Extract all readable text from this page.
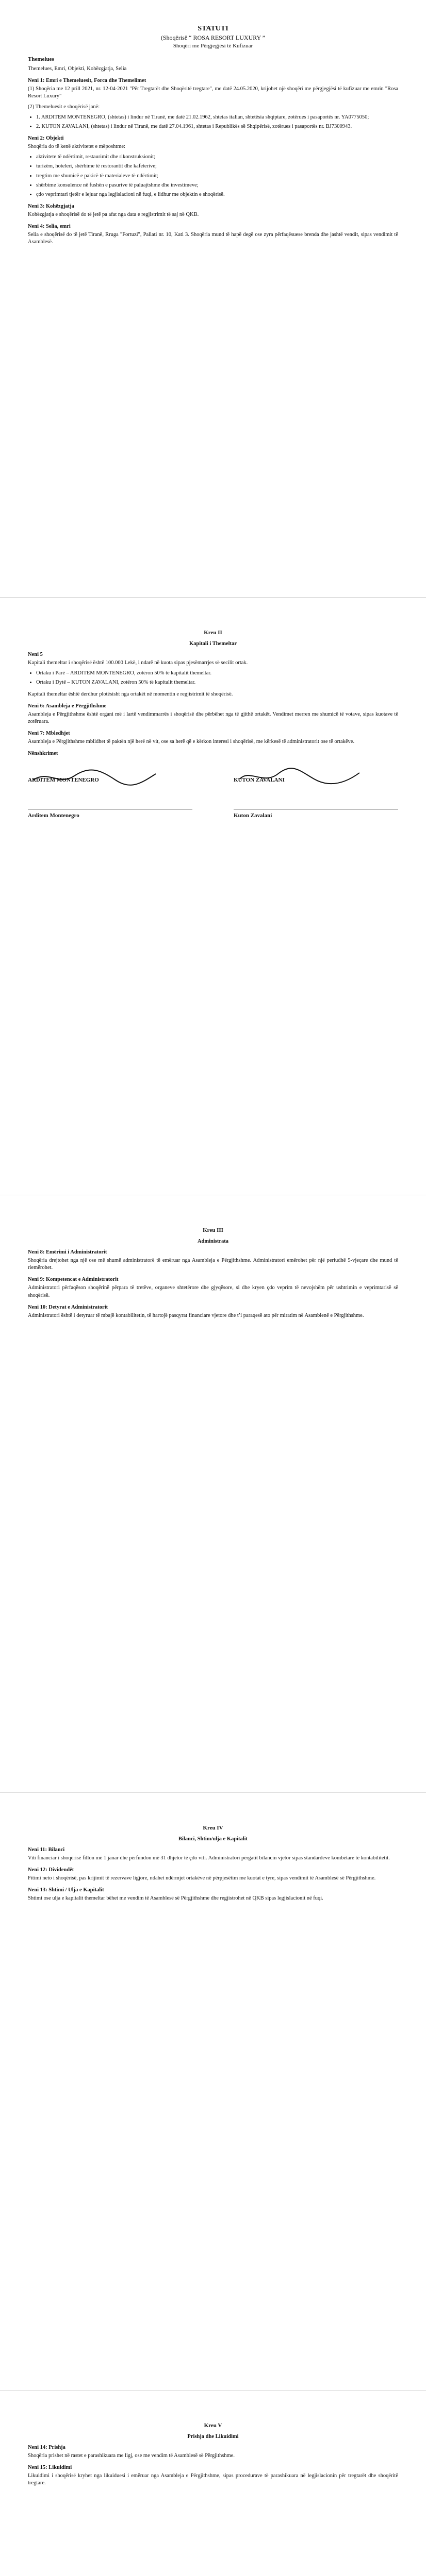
STATUTI

(Shoqërisë “ ROSA RESORT LUXURY ”

Shoqëri me Përgjegjësi të Kufizuar

Themelues

Themelues, Emri, Objekti, Kohëzgjatja, Selia

Neni 1: Emri e Themeluesit, Forca dhe Themelimet

(1) Shoqëria me 12 prill 2021, nr. 12-04-2021 "Për Tregtarët dhe Shoqëritë tregtare", me datë 24.05.2020, krijohet një shoqëri me përgjegjësi të kufizuar me emrin "Rosa Resort Luxury"

(2) Themeluesit e shoqërisë janë:

• 1. ARDITEM MONTENEGRO, (shtetas) i lindur në Tiranë, me datë 21.02.1962, shtetas italian, shtetësia shqiptare, zotërues i pasaportës nr. YA0775050;
• 2. KUTON ZAVALANI, (shtetas) i lindur në Tiranë, me datë 27.04.1961, shtetas i Republikës së Shqipërisë, zotërues i pasaportës nr. BJ7300943.
Neni 2: Objekti

Shoqëria do të kenë aktivitetet e mëposhtme:

• aktivitete të ndërtimit, restaurimit dhe rikonstruksionit;
• turizëm, hoteleri, shërbime të restorantit dhe kafeterive;
• tregtim me shumicë e pakicë të materialeve të ndërtimit;
• shërbime konsulence në fushën e pasurive të paluajtshme dhe investimeve;
• çdo veprimtari tjetër e lejuar nga legjislacioni në fuqi, e lidhur me objektin e shoqërisë.
Neni 3: Kohëzgjatja

Kohëzgjatja e shoqërisë do të jetë pa afat nga data e regjistrimit të saj në QKB.

Neni 4: Selia, emri

Selia e shoqërisë do të jetë Tiranë, Rruga "Fortuzi", Pallati nr. 10, Kati 3. Shoqëria mund të hapë degë ose zyra përfaqësuese brenda dhe jashtë vendit, sipas vendimit të Asamblesë.

Kreu II
Kapitali i Themeltar
Neni 5

Kapitali themeltar i shoqërisë është 100.000 Lekë, i ndarë në kuota sipas pjesëmarrjes së secilit ortak.

• Ortaku i Parë – ARDITEM MONTENEGRO, zotëron 50% të kapitalit themeltar.
• Ortaku i Dytë – KUTON ZAVALANI, zotëron 50% të kapitalit themeltar.

Kapitali themeltar është derdhur plotësisht nga ortakët në momentin e regjistrimit të shoqërisë.

Neni 6: Asambleja e Përgjithshme

Asambleja e Përgjithshme është organi më i lartë vendimmarrës i shoqërisë dhe përbëhet nga të gjithë ortakët. Vendimet merren me shumicë të votave, sipas kuotave të zotëruara.

Neni 7: Mbledhjet

Asambleja e Përgjithshme mblidhet të paktën një herë në vit, ose sa herë që e kërkon interesi i shoqërisë, me kërkesë të administratorit ose të ortakëve.

Nënshkrimet
ARDITEM MONTENEGRO
Arditem Montenegro
KUTON ZAVALANI
Kuton Zavalani
Kreu III
Administrata
Neni 8: Emërimi i Administratorit

Shoqëria drejtohet nga një ose më shumë administratorë të emëruar nga Asambleja e Përgjithshme. Administratori emërohet për një periudhë 5-vjeçare dhe mund të riemërohet.

Neni 9: Kompetencat e Administratorit

Administratori përfaqëson shoqërinë përpara të tretëve, organeve shtetërore dhe gjyqësore, si dhe kryen çdo veprim të nevojshëm për ushtrimin e veprimtarisë së shoqërisë.

Neni 10: Detyrat e Administratorit

Administratori është i detyruar të mbajë kontabilitetin, të hartojë pasqyrat financiare vjetore dhe t’i paraqesë ato për miratim në Asamblenë e Përgjithshme.

Kreu IV
Bilanci, Shtim/ulja e Kapitalit
Neni 11: Bilanci

Viti financiar i shoqërisë fillon më 1 janar dhe përfundon më 31 dhjetor të çdo viti. Administratori përgatit bilancin vjetor sipas standardeve kombëtare të kontabilitetit.

Neni 12: Dividendët

Fitimi neto i shoqërisë, pas krijimit të rezervave ligjore, ndahet ndërmjet ortakëve në përpjesëtim me kuotat e tyre, sipas vendimit të Asamblesë së Përgjithshme.

Neni 13: Shtimi / Ulja e Kapitalit

Shtimi ose ulja e kapitalit themeltar bëhet me vendim të Asamblesë së Përgjithshme dhe regjistrohet në QKB sipas legjislacionit në fuqi.

Kreu V
Prishja dhe Likuidimi
Neni 14: Prishja

Shoqëria prishet në rastet e parashikuara me ligj, ose me vendim të Asamblesë së Përgjithshme.

Neni 15: Likuidimi

Likuidimi i shoqërisë kryhet nga likuiduesi i emëruar nga Asambleja e Përgjithshme, sipas procedurave të parashikuara në legjislacionin për tregtarët dhe shoqëritë tregtare.
